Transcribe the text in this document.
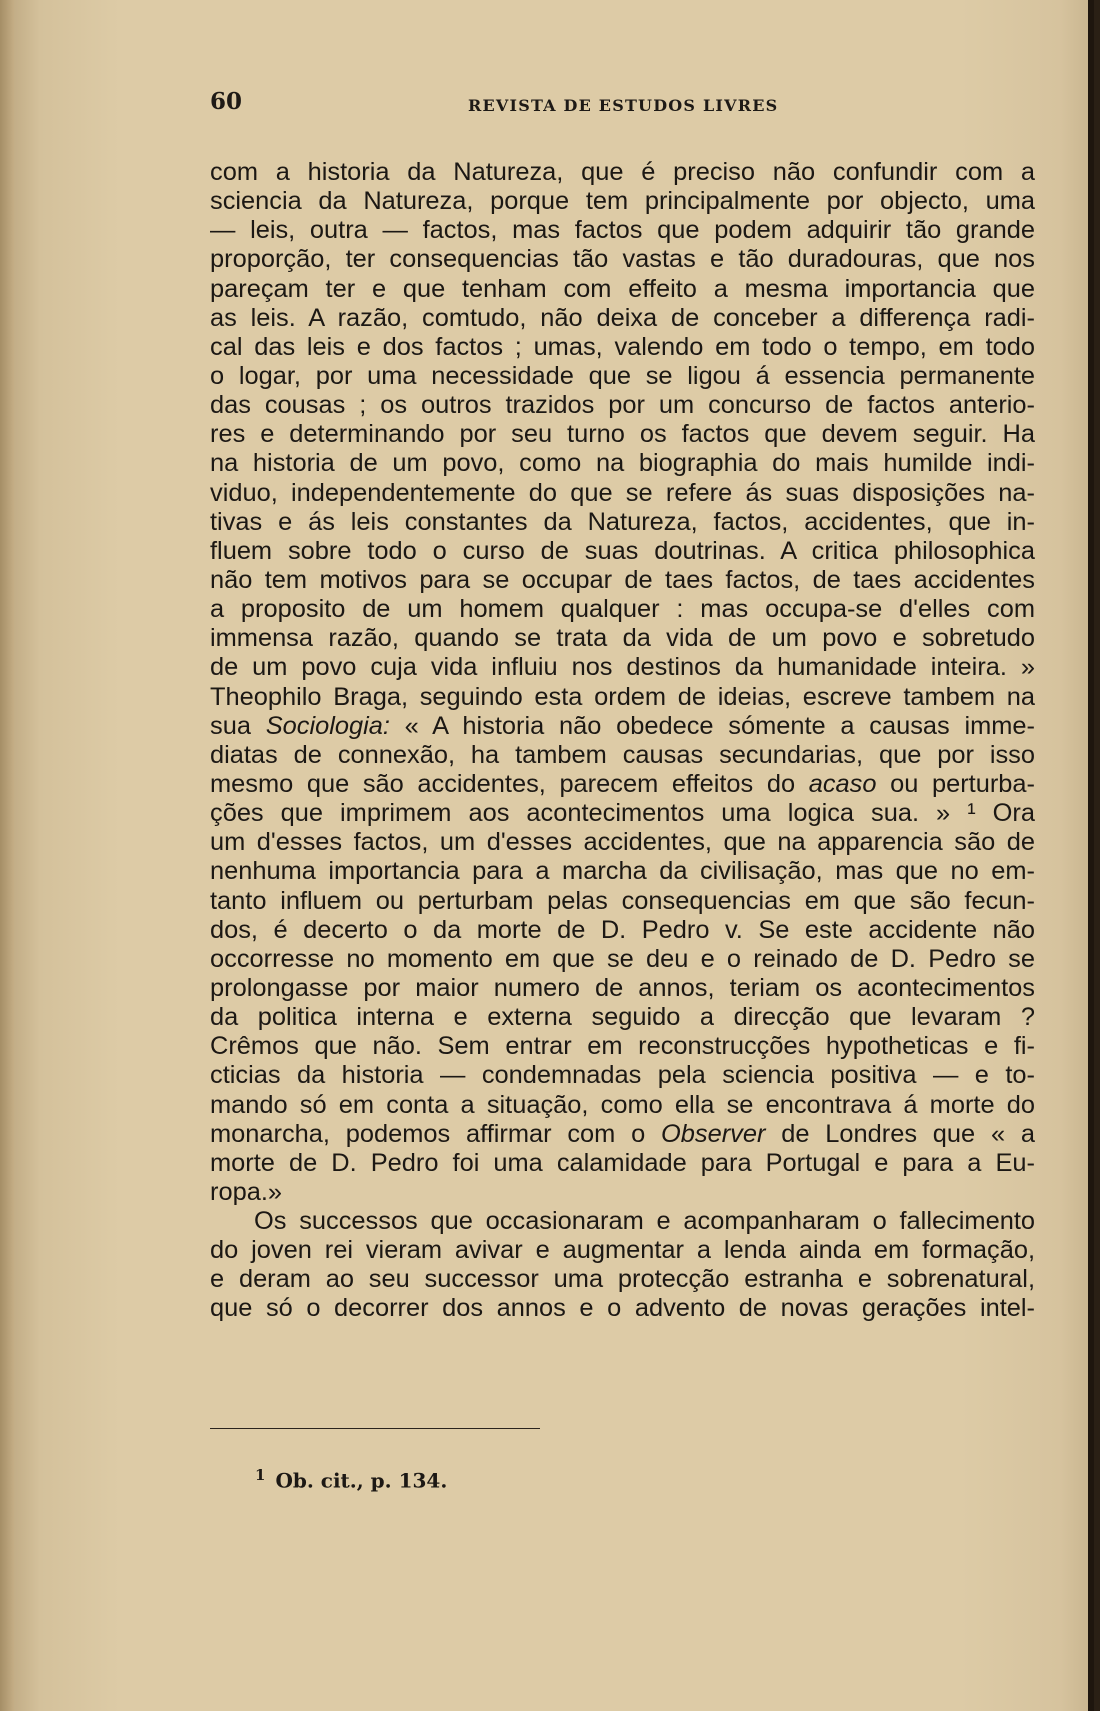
60	REVISTA DE ESTUDOS LIVRES
com a historia da Natureza, que é preciso não confundir com a
sciencia da Natureza, porque tem principalmente por objecto, uma
— leis, outra — factos, mas factos que podem adquirir tão grande
proporção, ter consequencias tão vastas e tão duradouras, que nos
pareçam ter e que tenham com effeito a mesma importancia que
as leis. A razão, comtudo, não deixa de conceber a differença radi-
cal das leis e dos factos ; umas, valendo em todo o tempo, em todo
o logar, por uma necessidade que se ligou á essencia permanente
das cousas ; os outros trazidos por um concurso de factos anterio-
res e determinando por seu turno os factos que devem seguir. Ha
na historia de um povo, como na biographia do mais humilde indi-
viduo, independentemente do que se refere ás suas disposições na-
tivas e ás leis constantes da Natureza, factos, accidentes, que in-
fluem sobre todo o curso de suas doutrinas. A critica philosophica
não tem motivos para se occupar de taes factos, de taes accidentes
a proposito de um homem qualquer : mas occupa-se d'elles com
immensa razão, quando se trata da vida de um povo e sobretudo
de um povo cuja vida influiu nos destinos da humanidade inteira. »
Theophilo Braga, seguindo esta ordem de ideias, escreve tambem na
sua Sociologia: « A historia não obedece sómente a causas imme-
diatas de connexão, ha tambem causas secundarias, que por isso
mesmo que são accidentes, parecem effeitos do acaso ou perturba-
ções que imprimem aos acontecimentos uma logica sua. » ¹ Ora
um d'esses factos, um d'esses accidentes, que na apparencia são de
nenhuma importancia para a marcha da civilisação, mas que no em-
tanto influem ou perturbam pelas consequencias em que são fecun-
dos, é decerto o da morte de D. Pedro v. Se este accidente não
occorresse no momento em que se deu e o reinado de D. Pedro se
prolongasse por maior numero de annos, teriam os acontecimentos
da politica interna e externa seguido a direcção que levaram ?
Crêmos que não. Sem entrar em reconstrucções hypotheticas e fi-
cticias da historia — condemnadas pela sciencia positiva — e to-
mando só em conta a situação, como ella se encontrava á morte do
monarcha, podemos affirmar com o Observer de Londres que « a
morte de D. Pedro foi uma calamidade para Portugal e para a Eu-
ropa.»
Os successos que occasionaram e acompanharam o fallecimento
do joven rei vieram avivar e augmentar a lenda ainda em formação,
e deram ao seu successor uma protecção estranha e sobrenatural,
que só o decorrer dos annos e o advento de novas gerações intel-
$^1$ Ob. cit., p. 134.
